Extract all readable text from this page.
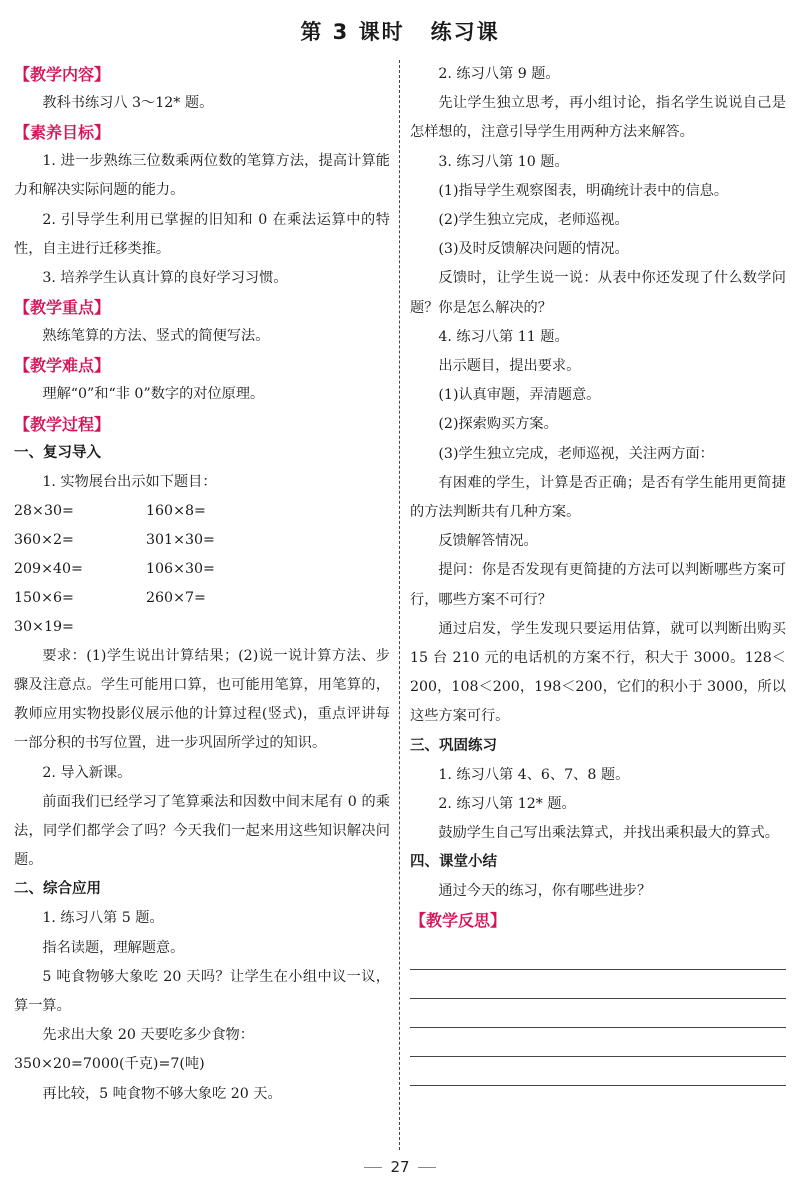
第 3 课时 练习课
【教学内容】

教科书练习八 3～12* 题。

【素养目标】

1. 进一步熟练三位数乘两位数的笔算方法，提高计算能力和解决实际问题的能力。

2. 引导学生利用已掌握的旧知和 0 在乘法运算中的特性，自主进行迁移类推。

3. 培养学生认真计算的良好学习习惯。

【教学重点】

熟练笔算的方法、竖式的简便写法。

【教学难点】

理解“0”和“非 0”数字的对位原理。

【教学过程】
一、复习导入

1. 实物展台出示如下题目：

28×30=	160×8=
360×2=	301×30=
209×40=	106×30=
150×6=	260×7=
30×19=

要求：(1)学生说出计算结果；(2)说一说计算方法、步骤及注意点。学生可能用口算，也可能用笔算，用笔算的，教师应用实物投影仪展示他的计算过程(竖式)，重点评讲每一部分积的书写位置，进一步巩固所学过的知识。

2. 导入新课。

前面我们已经学习了笔算乘法和因数中间末尾有 0 的乘法，同学们都学会了吗？今天我们一起来用这些知识解决问题。

二、综合应用

1. 练习八第 5 题。

指名读题，理解题意。

5 吨食物够大象吃 20 天吗？让学生在小组中议一议，算一算。

先求出大象 20 天要吃多少食物：

350×20=7000(千克)=7(吨)

再比较，5 吨食物不够大象吃 20 天。

2. 练习八第 9 题。

先让学生独立思考，再小组讨论，指名学生说说自己是怎样想的，注意引导学生用两种方法来解答。

3. 练习八第 10 题。

(1)指导学生观察图表，明确统计表中的信息。

(2)学生独立完成，老师巡视。

(3)及时反馈解决问题的情况。

反馈时，让学生说一说：从表中你还发现了什么数学问题？你是怎么解决的？

4. 练习八第 11 题。

出示题目，提出要求。

(1)认真审题，弄清题意。

(2)探索购买方案。

(3)学生独立完成，老师巡视，关注两方面：

有困难的学生，计算是否正确；是否有学生能用更简捷的方法判断共有几种方案。

反馈解答情况。

提问：你是否发现有更简捷的方法可以判断哪些方案可行，哪些方案不可行？

通过启发，学生发现只要运用估算，就可以判断出购买 15 台 210 元的电话机的方案不行，积大于 3000。128＜200，108＜200，198＜200，它们的积小于 3000，所以这些方案可行。

三、巩固练习

1. 练习八第 4、6、7、8 题。

2. 练习八第 12* 题。

鼓励学生自己写出乘法算式，并找出乘积最大的算式。

四、课堂小结

通过今天的练习，你有哪些进步？

【教学反思】
27
